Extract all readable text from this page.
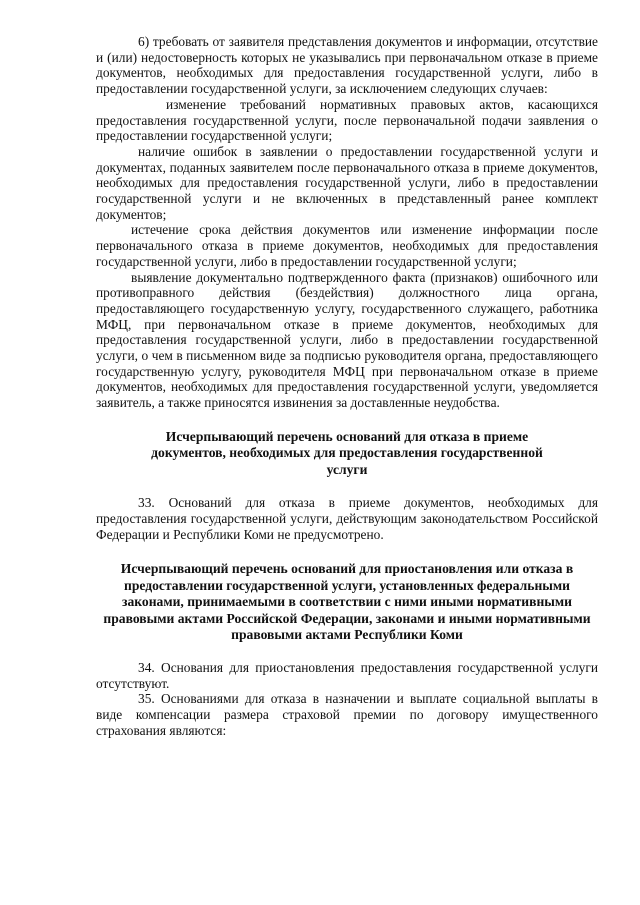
6) требовать от заявителя представления документов и информации, отсутствие и (или) недостоверность которых не указывались при первоначальном отказе в приеме документов, необходимых для предоставления государственной услуги, либо в предоставлении государственной услуги, за исключением следующих случаев:

изменение требований нормативных правовых актов, касающихся предоставления государственной услуги, после первоначальной подачи заявления о предоставлении государственной услуги;

наличие ошибок в заявлении о предоставлении государственной услуги и документах, поданных заявителем после первоначального отказа в приеме документов, необходимых для предоставления государственной услуги, либо в предоставлении государственной услуги и не включенных в представленный ранее комплект документов;

истечение срока действия документов или изменение информации после первоначального отказа в приеме документов, необходимых для предоставления государственной услуги, либо в предоставлении государственной услуги;

выявление документально подтвержденного факта (признаков) ошибочного или противоправного действия (бездействия) должностного лица органа, предоставляющего государственную услугу, государственного служащего, работника МФЦ, при первоначальном отказе в приеме документов, необходимых для предоставления государственной услуги, либо в предоставлении государственной услуги, о чем в письменном виде за подписью руководителя органа, предоставляющего государственную услугу, руководителя МФЦ при первоначальном отказе в приеме документов, необходимых для предоставления государственной услуги, уведомляется заявитель, а также приносятся извинения за доставленные неудобства.

Исчерпывающий перечень оснований для отказа в приеме документов, необходимых для предоставления государственной услуги

33. Оснований для отказа в приеме документов, необходимых для предоставления государственной услуги, действующим законодательством Российской Федерации и Республики Коми не предусмотрено.

Исчерпывающий перечень оснований для приостановления или отказа в предоставлении государственной услуги, установленных федеральными законами, принимаемыми в соответствии с ними иными нормативными правовыми актами Российской Федерации, законами и иными нормативными правовыми актами Республики Коми

34. Основания для приостановления предоставления государственной услуги отсутствуют.

35. Основаниями для отказа в назначении и выплате социальной выплаты в виде компенсации размера страховой премии по договору имущественного страхования являются:
